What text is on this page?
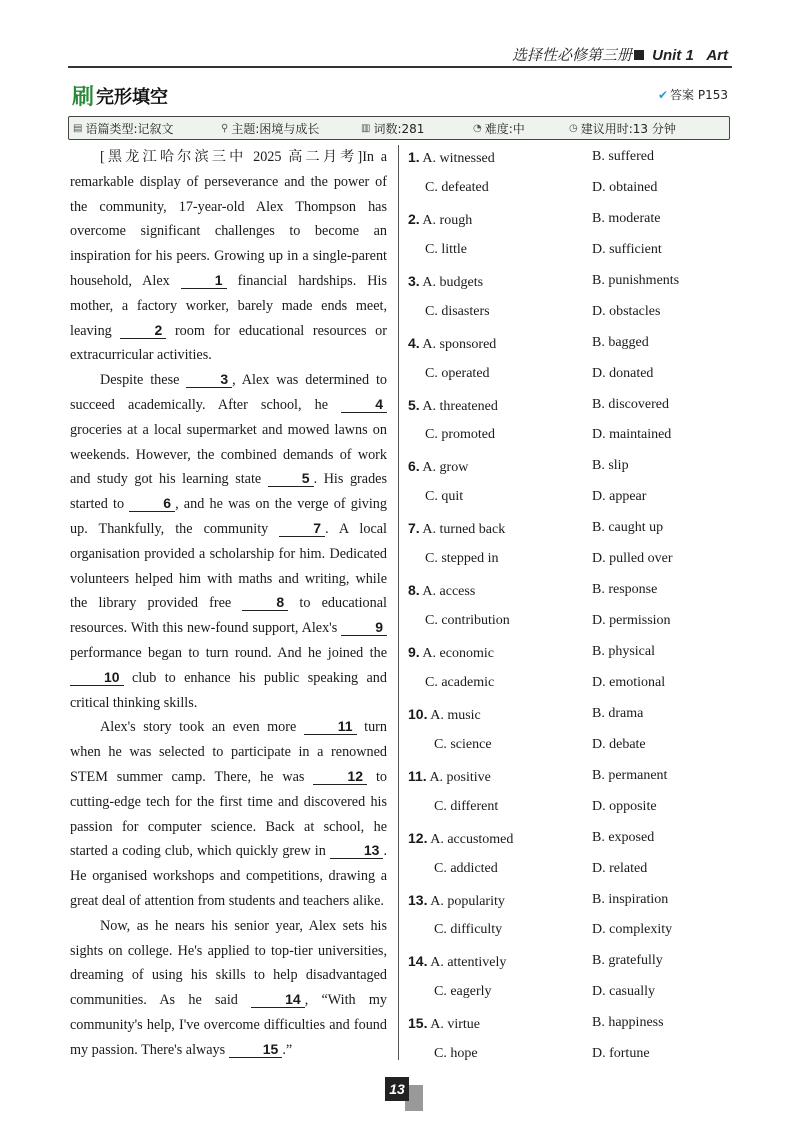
选择性必修第三册 Unit 1 Art
刷 完形填空	✔ 答案 P153
▤ 语篇类型:记叙文	⚲ 主题:困境与成长	▥ 词数:281	◔ 难度:中	◷ 建议用时:13 分钟

[黑龙江哈尔滨三中 2025 高二月考]In a remarkable display of perseverance and the power of the community, 17-year-old Alex Thompson has overcome significant challenges to become an inspiration for his peers. Growing up in a single-parent household, Alex 1 financial hardships. His mother, a factory worker, barely made ends meet, leaving 2 room for educational resources or extracurricular activities.

Despite these 3 , Alex was determined to succeed academically. After school, he 4 groceries at a local supermarket and mowed lawns on weekends. However, the combined demands of work and study got his learning state 5 . His grades started to 6 , and he was on the verge of giving up. Thankfully, the community 7 . A local organisation provided a scholarship for him. Dedicated volunteers helped him with maths and writing, while the library provided free 8 to educational resources. With this new-found support, Alex's 9 performance began to turn round. And he joined the 10 club to enhance his public speaking and critical thinking skills.

Alex's story took an even more 11 turn when he was selected to participate in a renowned STEM summer camp. There, he was 12 to cutting-edge tech for the first time and discovered his passion for computer science. Back at school, he started a coding club, which quickly grew in 13 . He organised workshops and competitions, drawing a great deal of attention from students and teachers alike.

Now, as he nears his senior year, Alex sets his sights on college. He's applied to top-tier universities, dreaming of using his skills to help disadvantaged communities. As he said 14 , “With my community's help, I've overcome difficulties and found my passion. There's always 15 .”

1. A. witnessed	B. suffered
C. defeated	D. obtained
2. A. rough	B. moderate
C. little	D. sufficient
3. A. budgets	B. punishments
C. disasters	D. obstacles
4. A. sponsored	B. bagged
C. operated	D. donated
5. A. threatened	B. discovered
C. promoted	D. maintained
6. A. grow	B. slip
C. quit	D. appear
7. A. turned back	B. caught up
C. stepped in	D. pulled over
8. A. access	B. response
C. contribution	D. permission
9. A. economic	B. physical
C. academic	D. emotional
10. A. music	B. drama
C. science	D. debate
11. A. positive	B. permanent
C. different	D. opposite
12. A. accustomed	B. exposed
C. addicted	D. related
13. A. popularity	B. inspiration
C. difficulty	D. complexity
14. A. attentively	B. gratefully
C. eagerly	D. casually
15. A. virtue	B. happiness
C. hope	D. fortune
13
